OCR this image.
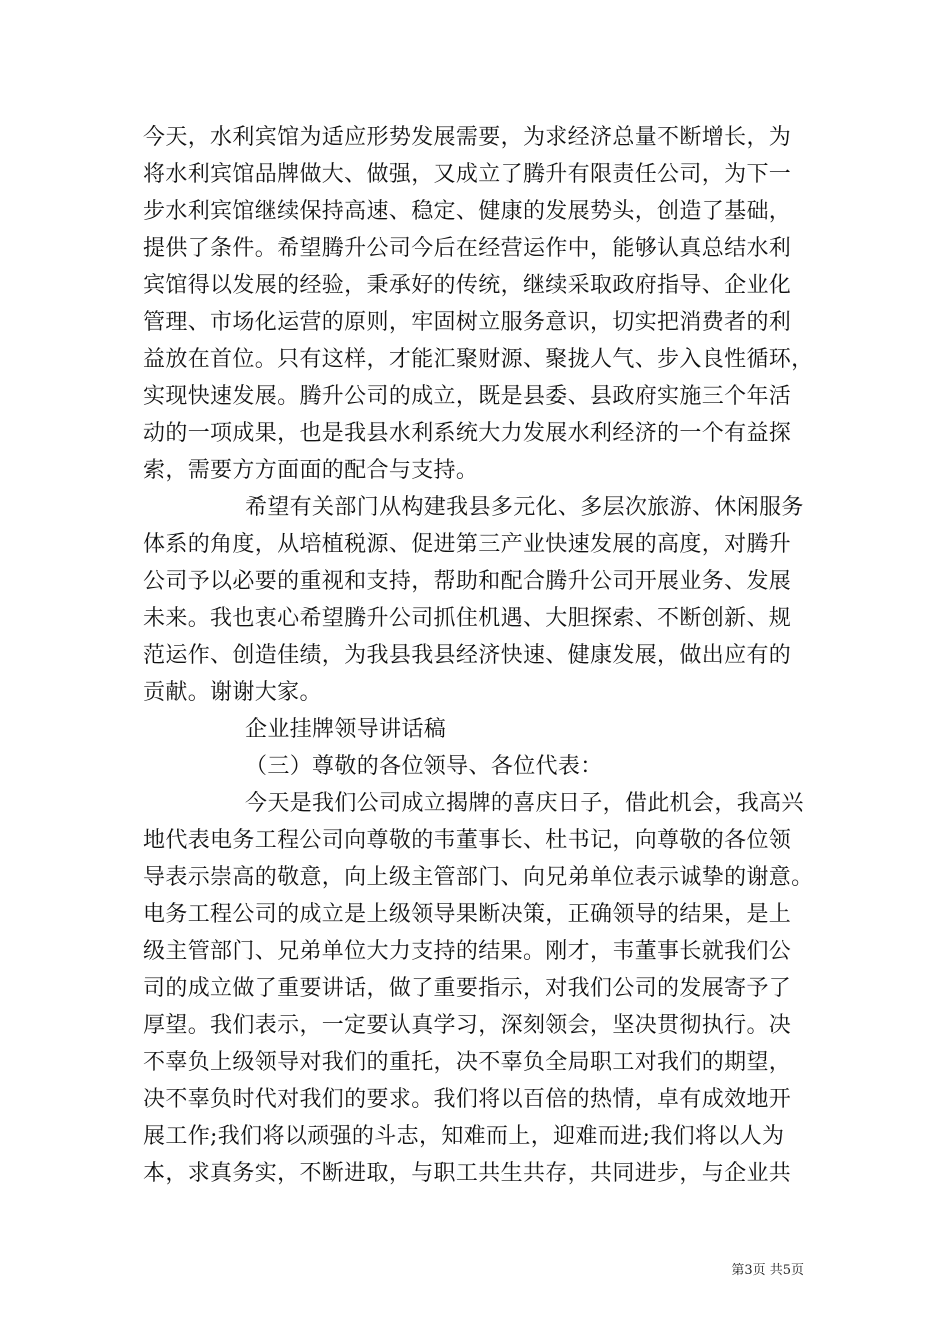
今天，水利宾馆为适应形势发展需要，为求经济总量不断增长，为
将水利宾馆品牌做大、做强，又成立了腾升有限责任公司，为下一
步水利宾馆继续保持高速、稳定、健康的发展势头，创造了基础，
提供了条件。希望腾升公司今后在经营运作中，能够认真总结水利
宾馆得以发展的经验，秉承好的传统，继续采取政府指导、企业化
管理、市场化运营的原则，牢固树立服务意识，切实把消费者的利
益放在首位。只有这样，才能汇聚财源、聚拢人气、步入良性循环，
实现快速发展。腾升公司的成立，既是县委、县政府实施三个年活
动的一项成果，也是我县水利系统大力发展水利经济的一个有益探
索，需要方方面面的配合与支持。
希望有关部门从构建我县多元化、多层次旅游、休闲服务
体系的角度，从培植税源、促进第三产业快速发展的高度，对腾升
公司予以必要的重视和支持，帮助和配合腾升公司开展业务、发展
未来。我也衷心希望腾升公司抓住机遇、大胆探索、不断创新、规
范运作、创造佳绩，为我县我县经济快速、健康发展，做出应有的
贡献。谢谢大家。
企业挂牌领导讲话稿
（三）尊敬的各位领导、各位代表：
今天是我们公司成立揭牌的喜庆日子，借此机会，我高兴
地代表电务工程公司向尊敬的韦董事长、杜书记，向尊敬的各位领
导表示崇高的敬意，向上级主管部门、向兄弟单位表示诚挚的谢意。
电务工程公司的成立是上级领导果断决策，正确领导的结果，是上
级主管部门、兄弟单位大力支持的结果。刚才，韦董事长就我们公
司的成立做了重要讲话，做了重要指示，对我们公司的发展寄予了
厚望。我们表示，一定要认真学习，深刻领会，坚决贯彻执行。决
不辜负上级领导对我们的重托，决不辜负全局职工对我们的期望，
决不辜负时代对我们的要求。我们将以百倍的热情，卓有成效地开
展工作;我们将以顽强的斗志，知难而上，迎难而进;我们将以人为
本，求真务实，不断进取，与职工共生共存，共同进步，与企业共
第3页 共5页
